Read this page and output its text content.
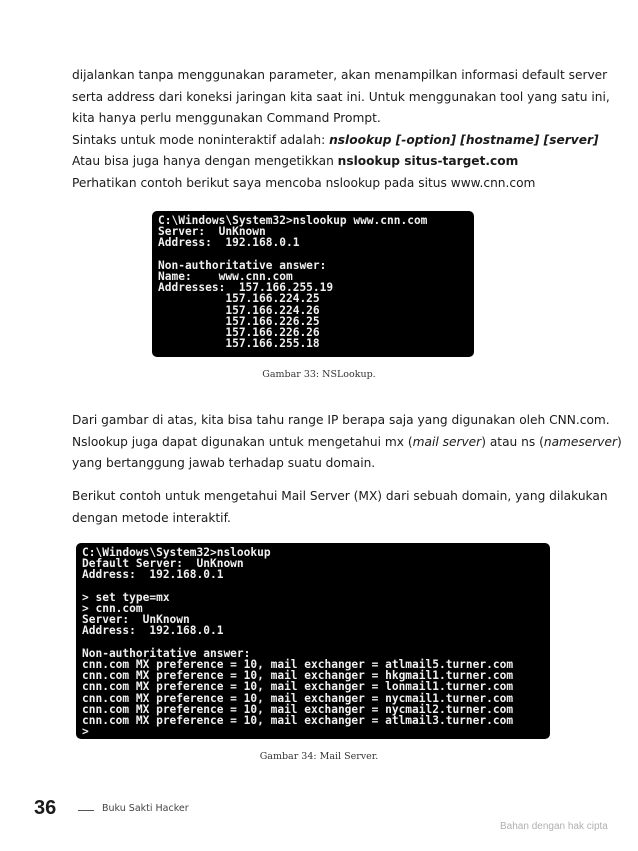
dijalankan tanpa menggunakan parameter, akan menampilkan informasi default server

serta address dari koneksi jaringan kita saat ini. Untuk menggunakan tool yang satu ini,

kita hanya perlu menggunakan Command Prompt.

Sintaks untuk mode noninteraktif adalah: nslookup [-option] [hostname] [server]

Atau bisa juga hanya dengan mengetikkan nslookup situs-target.com

Perhatikan contoh berikut saya mencoba nslookup pada situs www.cnn.com

C:\Windows\System32>nslookup www.cnn.com
Server:  UnKnown
Address:  192.168.0.1

Non-authoritative answer:
Name:    www.cnn.com
Addresses:  157.166.255.19
157.166.224.25
157.166.224.26
157.166.226.25
157.166.226.26
157.166.255.18
Gambar 33: NSLookup.

Dari gambar di atas, kita bisa tahu range IP berapa saja yang digunakan oleh CNN.com.

Nslookup juga dapat digunakan untuk mengetahui mx (mail server) atau ns (nameserver)

yang bertanggung jawab terhadap suatu domain.

Berikut contoh untuk mengetahui Mail Server (MX) dari sebuah domain, yang dilakukan

dengan metode interaktif.

C:\Windows\System32>nslookup
Default Server:  UnKnown
Address:  192.168.0.1

> set type=mx
> cnn.com
Server:  UnKnown
Address:  192.168.0.1

Non-authoritative answer:
cnn.com MX preference = 10, mail exchanger = atlmail5.turner.com
cnn.com MX preference = 10, mail exchanger = hkgmail1.turner.com
cnn.com MX preference = 10, mail exchanger = lonmail1.turner.com
cnn.com MX preference = 10, mail exchanger = nycmail1.turner.com
cnn.com MX preference = 10, mail exchanger = nycmail2.turner.com
cnn.com MX preference = 10, mail exchanger = atlmail3.turner.com
>
Gambar 34: Mail Server.
36	Buku Sakti Hacker
Bahan dengan hak cipta
